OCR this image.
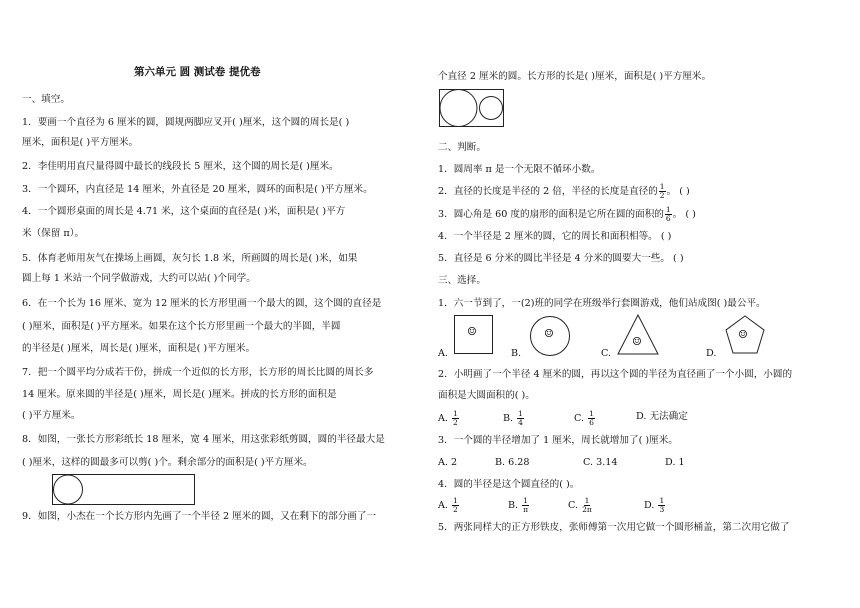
第六单元 圆 测试卷 提优卷
一、填空。
1．要画一个直径为 6 厘米的圆，圆规两脚应叉开( )厘米，这个圆的周长是( )
厘米，面积是( )平方厘米。
2．李佳明用直尺量得圆中最长的线段长 5 厘米，这个圆的周长是( )厘米。
3．一个圆环，内直径是 14 厘米，外直径是 20 厘米，圆环的面积是( )平方厘米。
4．一个圆形桌面的周长是 4.71 米，这个桌面的直径是( )米，面积是( )平方
米（保留 π）。
5．体育老师用灰气在操场上画圆，灰匀长 1.8 米，所画圆的周长是( )米，如果
圆上每 1 米站一个同学做游戏，大约可以站( )个同学。
6．在一个长为 16 厘米、宽为 12 厘米的长方形里画一个最大的圆，这个圆的直径是
( )厘米，面积是( )平方厘米。如果在这个长方形里画一个最大的半圆，半圆
的半径是( )厘米，周长是( )厘米，面积是( )平方厘米。
7．把一个圆平均分成若干份，拼成一个近似的长方形，长方形的周长比圆的周长多
14 厘米。原来圆的半径是( )厘米，周长是( )厘米。拼成的长方形的面积是
( )平方厘米。
8．如图，一张长方形彩纸长 18 厘米，宽 4 厘米，用这张彩纸剪圆，圆的半径最大是
( )厘米，这样的圆最多可以剪( )个。剩余部分的面积是( )平方厘米。
9．如图，小杰在一个长方形内先画了一个半径 2 厘米的圆，又在剩下的部分画了一
个直径 2 厘米的圆。长方形的长是( )厘米，面积是( )平方厘米。
二、判断。
1．圆周率 π 是一个无限不循环小数。
2．直径的长度是半径的 2 倍，半径的长度是直径的 $\frac{1}{2}$ 。 ( )
3．圆心角是 60 度的扇形的面积是它所在圆的面积的 $\frac{1}{6}$ 。 ( )
4．一个半径是 2 厘米的圆，它的周长和面积相等。 ( )
5．直径是 6 分米的圆比半径是 4 分米的圆要大一些。 ( )
三、选择。
1．六一节到了，一(2)班的同学在班级举行套圈游戏，他们站成图( )最公平。
☺	☺
☺
☺
A.	B.	C.	D.
2．小明画了一个半径 4 厘米的圆，再以这个圆的半径为直径画了一个小圆，小圆的
面积是大圆面积的( )。
A. $\frac{1}{2}$	B. $\frac{1}{4}$	C. $\frac{1}{6}$	D. 无法确定
3．一个圆的半径增加了 1 厘米，周长就增加了( )厘米。
A. 2	B. 6.28	C. 3.14	D. 1
4．圆的半径是这个圆直径的( )。
A. $\frac{1}{2}$	B. $\frac{1}{\pi}$	C. $\frac{1}{2\pi}$	D. $\frac{1}{3}$
5．两张同样大的正方形铁皮，张师傅第一次用它做一个圆形桶盖，第二次用它做了
